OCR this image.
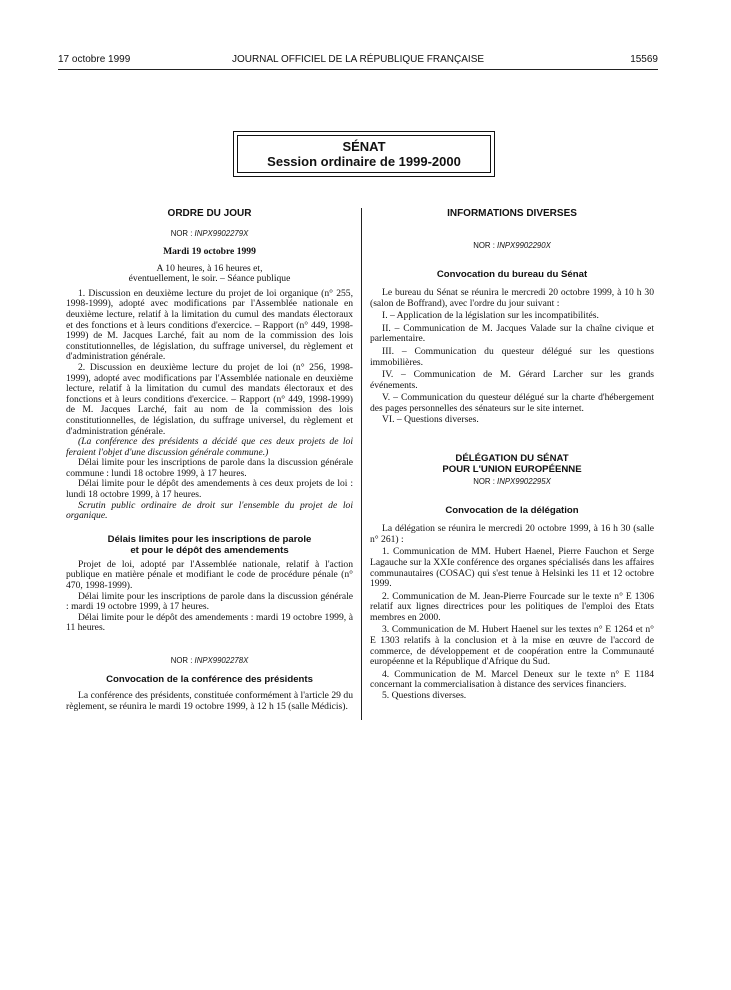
17 octobre 1999	JOURNAL OFFICIEL DE LA RÉPUBLIQUE FRANÇAISE	15569
SÉNAT
Session ordinaire de 1999-2000
ORDRE DU JOUR
NOR : INPX9902279X
Mardi 19 octobre 1999
A 10 heures, à 16 heures et,
éventuellement, le soir. – Séance publique

1. Discussion en deuxième lecture du projet de loi organique (n° 255, 1998-1999), adopté avec modifications par l'Assemblée nationale en deuxième lecture, relatif à la limitation du cumul des mandats électoraux et des fonctions et à leurs conditions d'exercice. – Rapport (n° 449, 1998-1999) de M. Jacques Larché, fait au nom de la commission des lois constitutionnelles, de législation, du suffrage universel, du règlement et d'administration générale.

2. Discussion en deuxième lecture du projet de loi (n° 256, 1998-1999), adopté avec modifications par l'Assemblée nationale en deuxième lecture, relatif à la limitation du cumul des mandats électoraux et des fonctions et à leurs conditions d'exercice. – Rapport (n° 449, 1998-1999) de M. Jacques Larché, fait au nom de la commission des lois constitutionnelles, de législation, du suffrage universel, du règlement et d'administration générale.

(La conférence des présidents a décidé que ces deux projets de loi feraient l'objet d'une discussion générale commune.)

Délai limite pour les inscriptions de parole dans la discussion générale commune : lundi 18 octobre 1999, à 17 heures.

Délai limite pour le dépôt des amendements à ces deux projets de loi : lundi 18 octobre 1999, à 17 heures.

Scrutin public ordinaire de droit sur l'ensemble du projet de loi organique.

Délais limites pour les inscriptions de parole
et pour le dépôt des amendements

Projet de loi, adopté par l'Assemblée nationale, relatif à l'action publique en matière pénale et modifiant le code de procédure pénale (n° 470, 1998-1999).

Délai limite pour les inscriptions de parole dans la discussion générale : mardi 19 octobre 1999, à 17 heures.

Délai limite pour le dépôt des amendements : mardi 19 octobre 1999, à 11 heures.

NOR : INPX9902278X
Convocation de la conférence des présidents

La conférence des présidents, constituée conformément à l'article 29 du règlement, se réunira le mardi 19 octobre 1999, à 12 h 15 (salle Médicis).

INFORMATIONS DIVERSES
NOR : INPX9902290X
Convocation du bureau du Sénat

Le bureau du Sénat se réunira le mercredi 20 octobre 1999, à 10 h 30 (salon de Boffrand), avec l'ordre du jour suivant :

I. – Application de la législation sur les incompatibilités.

II. – Communication de M. Jacques Valade sur la chaîne civique et parlementaire.

III. – Communication du questeur délégué sur les questions immobilières.

IV. – Communication de M. Gérard Larcher sur les grands événements.

V. – Communication du questeur délégué sur la charte d'hébergement des pages personnelles des sénateurs sur le site internet.

VI. – Questions diverses.

DÉLÉGATION DU SÉNAT
POUR L'UNION EUROPÉENNE
NOR : INPX9902295X
Convocation de la délégation

La délégation se réunira le mercredi 20 octobre 1999, à 16 h 30 (salle n° 261) :

1. Communication de MM. Hubert Haenel, Pierre Fauchon et Serge Lagauche sur la XXIe conférence des organes spécialisés dans les affaires communautaires (COSAC) qui s'est tenue à Helsinki les 11 et 12 octobre 1999.

2. Communication de M. Jean-Pierre Fourcade sur le texte n° E 1306 relatif aux lignes directrices pour les politiques de l'emploi des Etats membres en 2000.

3. Communication de M. Hubert Haenel sur les textes n° E 1264 et n° E 1303 relatifs à la conclusion et à la mise en œuvre de l'accord de commerce, de développement et de coopération entre la Communauté européenne et la République d'Afrique du Sud.

4. Communication de M. Marcel Deneux sur le texte n° E 1184 concernant la commercialisation à distance des services financiers.

5. Questions diverses.
